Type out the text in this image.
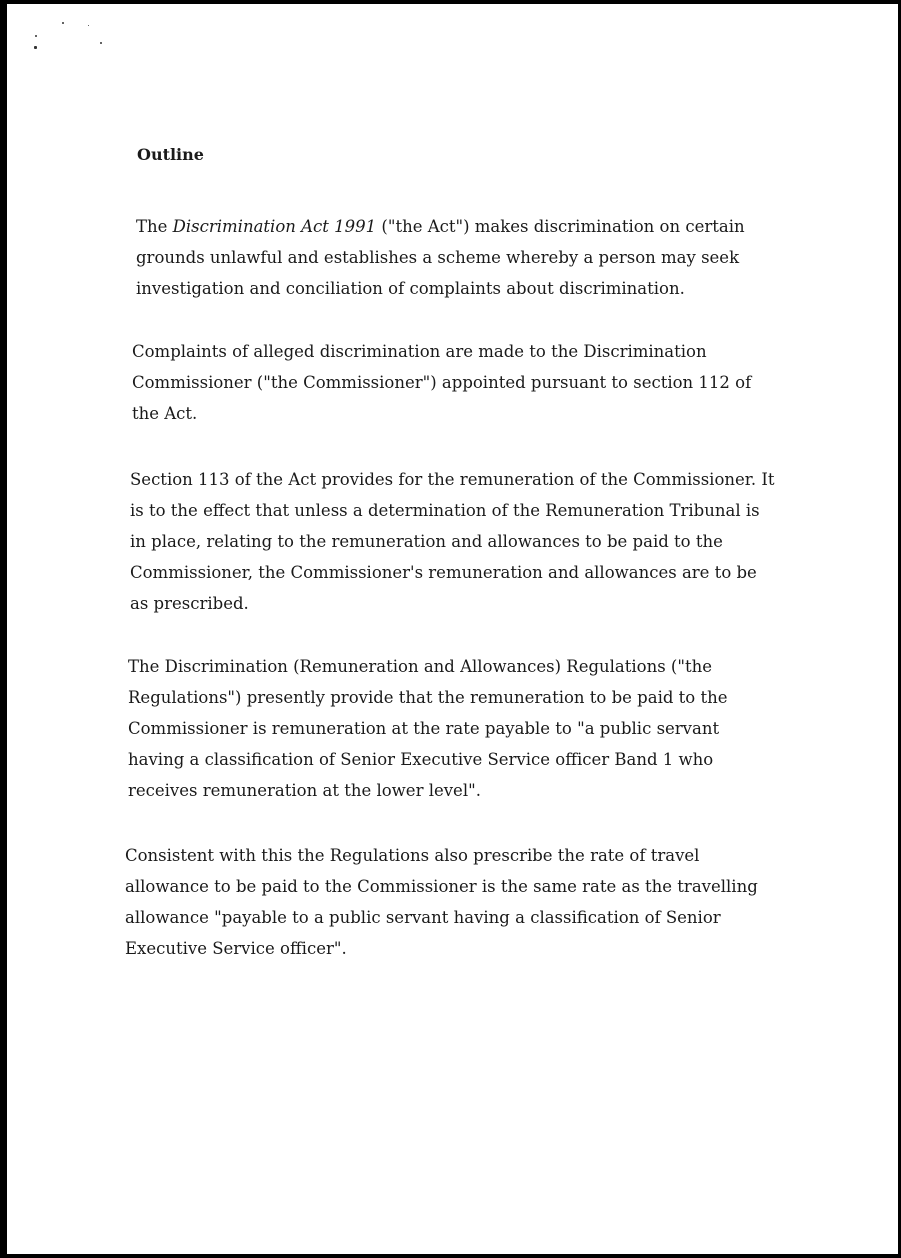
Outline

The Discrimination Act 1991 ("the Act") makes discrimination on certain
grounds unlawful and establishes a scheme whereby a person may seek
investigation and conciliation of complaints about discrimination.

Complaints of alleged discrimination are made to the Discrimination
Commissioner ("the Commissioner") appointed pursuant to section 112 of
the Act.

Section 113 of the Act provides for the remuneration of the Commissioner. It
is to the effect that unless a determination of the Remuneration Tribunal is
in place, relating to the remuneration and allowances to be paid to the
Commissioner, the Commissioner's remuneration and allowances are to be
as prescribed.

The Discrimination (Remuneration and Allowances) Regulations ("the
Regulations") presently provide that the remuneration to be paid to the
Commissioner is remuneration at the rate payable to "a public servant
having a classification of Senior Executive Service officer Band 1 who
receives remuneration at the lower level".

Consistent with this the Regulations also prescribe the rate of travel
allowance to be paid to the Commissioner is the same rate as the travelling
allowance "payable to a public servant having a classification of Senior
Executive Service officer".
